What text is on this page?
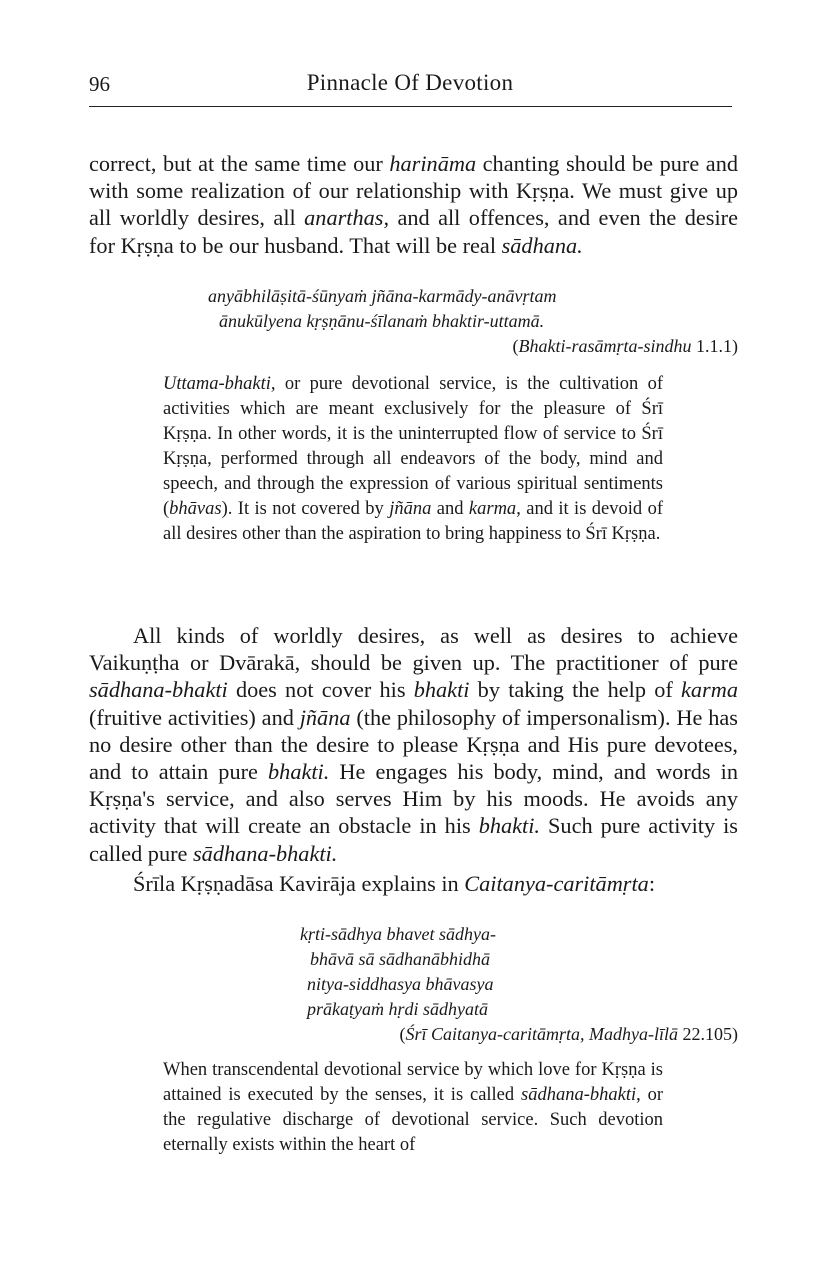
96	Pinnacle Of Devotion

correct, but at the same time our harināma chanting should be pure and with some realization of our relationship with Kṛṣṇa. We must give up all worldly desires, all anarthas, and all offences, and even the desire for Kṛṣṇa to be our husband. That will be real sādhana.

anyābhilāṣitā-śūnyaṁ jñāna-karmādy-anāvṛtam
ānukūlyena kṛṣṇānu-śīlanaṁ bhaktir-uttamā.
(Bhakti-rasāmṛta-sindhu 1.1.1)

Uttama-bhakti, or pure devotional service, is the cultivation of activities which are meant exclusively for the pleasure of Śrī Kṛṣṇa. In other words, it is the uninterrupted flow of service to Śrī Kṛṣṇa, performed through all endeavors of the body, mind and speech, and through the expression of various spiritual sentiments (bhāvas). It is not covered by jñāna and karma, and it is devoid of all desires other than the aspiration to bring happiness to Śrī Kṛṣṇa.

All kinds of worldly desires, as well as desires to achieve Vaikuṇṭha or Dvārakā, should be given up. The practitioner of pure sādhana-bhakti does not cover his bhakti by taking the help of karma (fruitive activities) and jñāna (the philosophy of impersonalism). He has no desire other than the desire to please Kṛṣṇa and His pure devotees, and to attain pure bhakti. He engages his body, mind, and words in Kṛṣṇa's service, and also serves Him by his moods. He avoids any activity that will create an obstacle in his bhakti. Such pure activity is called pure sādhana-bhakti.

Śrīla Kṛṣṇadāsa Kavirāja explains in Caitanya-caritāmṛta:

kṛti-sādhya bhavet sādhya-
bhāvā sā sādhanābhidhā
nitya-siddhasya bhāvasya
prākaṭyaṁ hṛdi sādhyatā
(Śrī Caitanya-caritāmṛta, Madhya-līlā 22.105)

When transcendental devotional service by which love for Kṛṣṇa is attained is executed by the senses, it is called sādhana-bhakti, or the regulative discharge of devotional service. Such devotion eternally exists within the heart of
